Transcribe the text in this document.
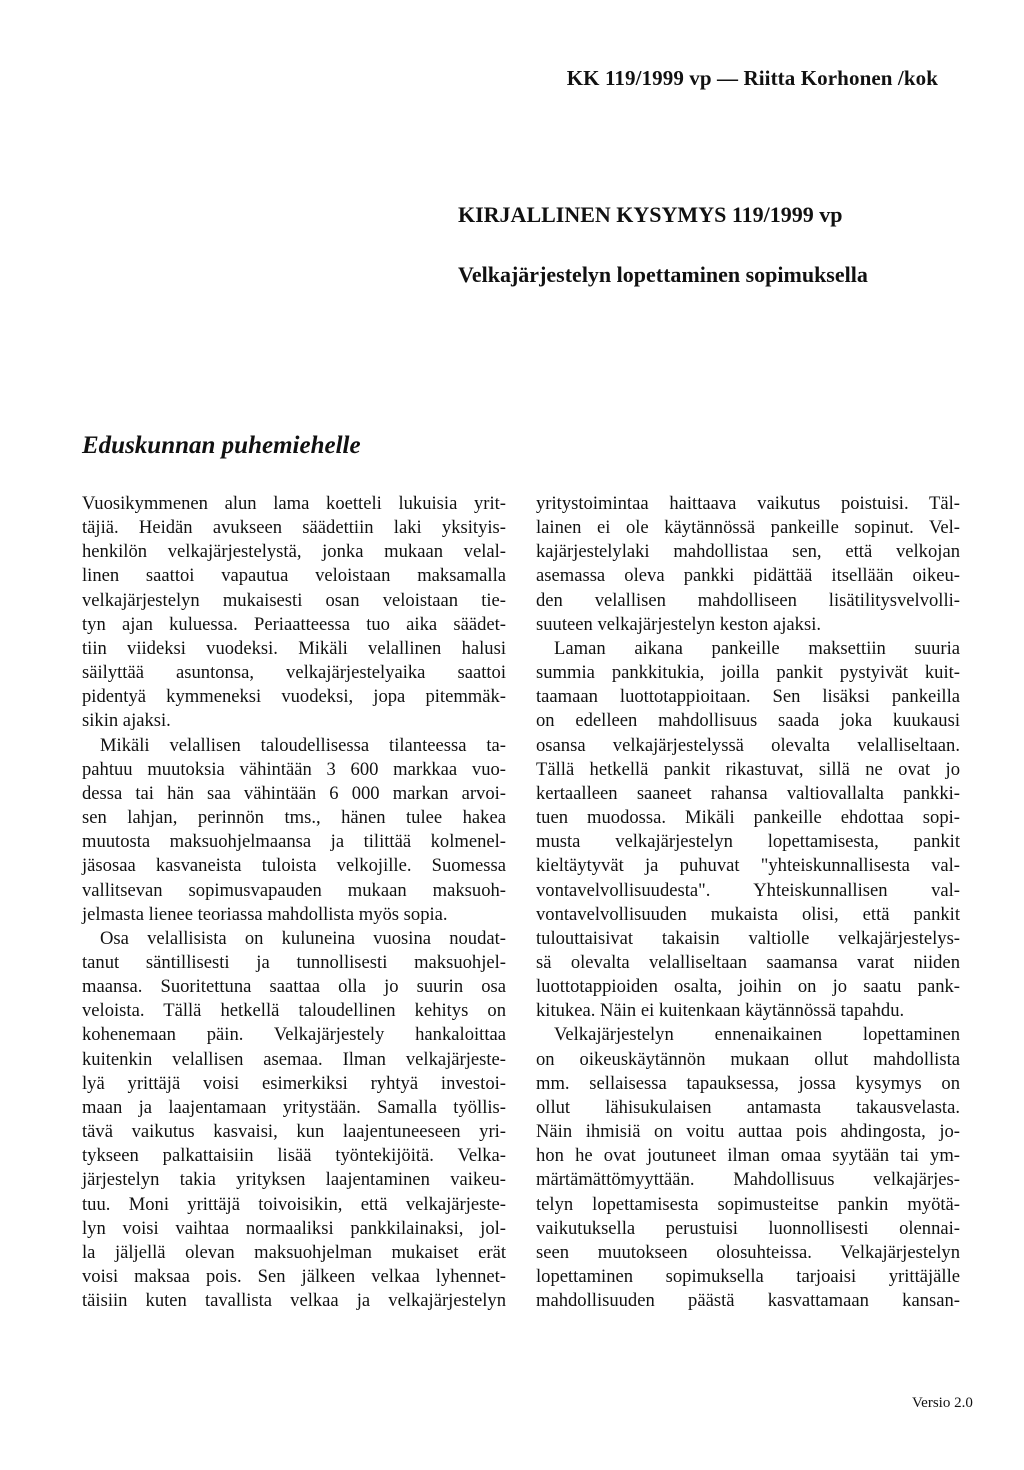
KK 119/1999 vp — Riitta Korhonen /kok
KIRJALLINEN KYSYMYS 119/1999 vp
Velkajärjestelyn lopettaminen sopimuksella
Eduskunnan puhemiehelle
Vuosikymmenen alun lama koetteli lukuisia yrit-
täjiä. Heidän avukseen säädettiin laki yksityis-
henkilön velkajärjestelystä, jonka mukaan velal-
linen saattoi vapautua veloistaan maksamalla
velkajärjestelyn mukaisesti osan veloistaan tie-
tyn ajan kuluessa. Periaatteessa tuo aika säädet-
tiin viideksi vuodeksi. Mikäli velallinen halusi
säilyttää asuntonsa, velkajärjestelyaika saattoi
pidentyä kymmeneksi vuodeksi, jopa pitemmäk-
sikin ajaksi.
Mikäli velallisen taloudellisessa tilanteessa ta-
pahtuu muutoksia vähintään 3 600 markkaa vuo-
dessa tai hän saa vähintään 6 000 markan arvoi-
sen lahjan, perinnön tms., hänen tulee hakea
muutosta maksuohjelmaansa ja tilittää kolmenel-
jäsosaa kasvaneista tuloista velkojille. Suomessa
vallitsevan sopimusvapauden mukaan maksuoh-
jelmasta lienee teoriassa mahdollista myös sopia.
Osa velallisista on kuluneina vuosina noudat-
tanut säntillisesti ja tunnollisesti maksuohjel-
maansa. Suoritettuna saattaa olla jo suurin osa
veloista. Tällä hetkellä taloudellinen kehitys on
kohenemaan päin. Velkajärjestely hankaloittaa
kuitenkin velallisen asemaa. Ilman velkajärjeste-
lyä yrittäjä voisi esimerkiksi ryhtyä investoi-
maan ja laajentamaan yritystään. Samalla työllis-
tävä vaikutus kasvaisi, kun laajentuneeseen yri-
tykseen palkattaisiin lisää työntekijöitä. Velka-
järjestelyn takia yrityksen laajentaminen vaikeu-
tuu. Moni yrittäjä toivoisikin, että velkajärjeste-
lyn voisi vaihtaa normaaliksi pankkilainaksi, jol-
la jäljellä olevan maksuohjelman mukaiset erät
voisi maksaa pois. Sen jälkeen velkaa lyhennet-
täisiin kuten tavallista velkaa ja velkajärjestelyn
yritystoimintaa haittaava vaikutus poistuisi. Täl-
lainen ei ole käytännössä pankeille sopinut. Vel-
kajärjestelylaki mahdollistaa sen, että velkojan
asemassa oleva pankki pidättää itsellään oikeu-
den velallisen mahdolliseen lisätilitysvelvolli-
suuteen velkajärjestelyn keston ajaksi.
Laman aikana pankeille maksettiin suuria
summia pankkitukia, joilla pankit pystyivät kuit-
taamaan luottotappioitaan. Sen lisäksi pankeilla
on edelleen mahdollisuus saada joka kuukausi
osansa velkajärjestelyssä olevalta velalliseltaan.
Tällä hetkellä pankit rikastuvat, sillä ne ovat jo
kertaalleen saaneet rahansa valtiovallalta pankki-
tuen muodossa. Mikäli pankeille ehdottaa sopi-
musta velkajärjestelyn lopettamisesta, pankit
kieltäytyvät ja puhuvat "yhteiskunnallisesta val-
vontavelvollisuudesta". Yhteiskunnallisen val-
vontavelvollisuuden mukaista olisi, että pankit
tulouttaisivat takaisin valtiolle velkajärjestelys-
sä olevalta velalliseltaan saamansa varat niiden
luottotappioiden osalta, joihin on jo saatu pank-
kitukea. Näin ei kuitenkaan käytännössä tapahdu.
Velkajärjestelyn ennenaikainen lopettaminen
on oikeuskäytännön mukaan ollut mahdollista
mm. sellaisessa tapauksessa, jossa kysymys on
ollut lähisukulaisen antamasta takausvelasta.
Näin ihmisiä on voitu auttaa pois ahdingosta, jo-
hon he ovat joutuneet ilman omaa syytään tai ym-
märtämättömyyttään. Mahdollisuus velkajärjes-
telyn lopettamisesta sopimusteitse pankin myötä-
vaikutuksella perustuisi luonnollisesti olennai-
seen muutokseen olosuhteissa. Velkajärjestelyn
lopettaminen sopimuksella tarjoaisi yrittäjälle
mahdollisuuden päästä kasvattamaan kansan-
Versio 2.0
